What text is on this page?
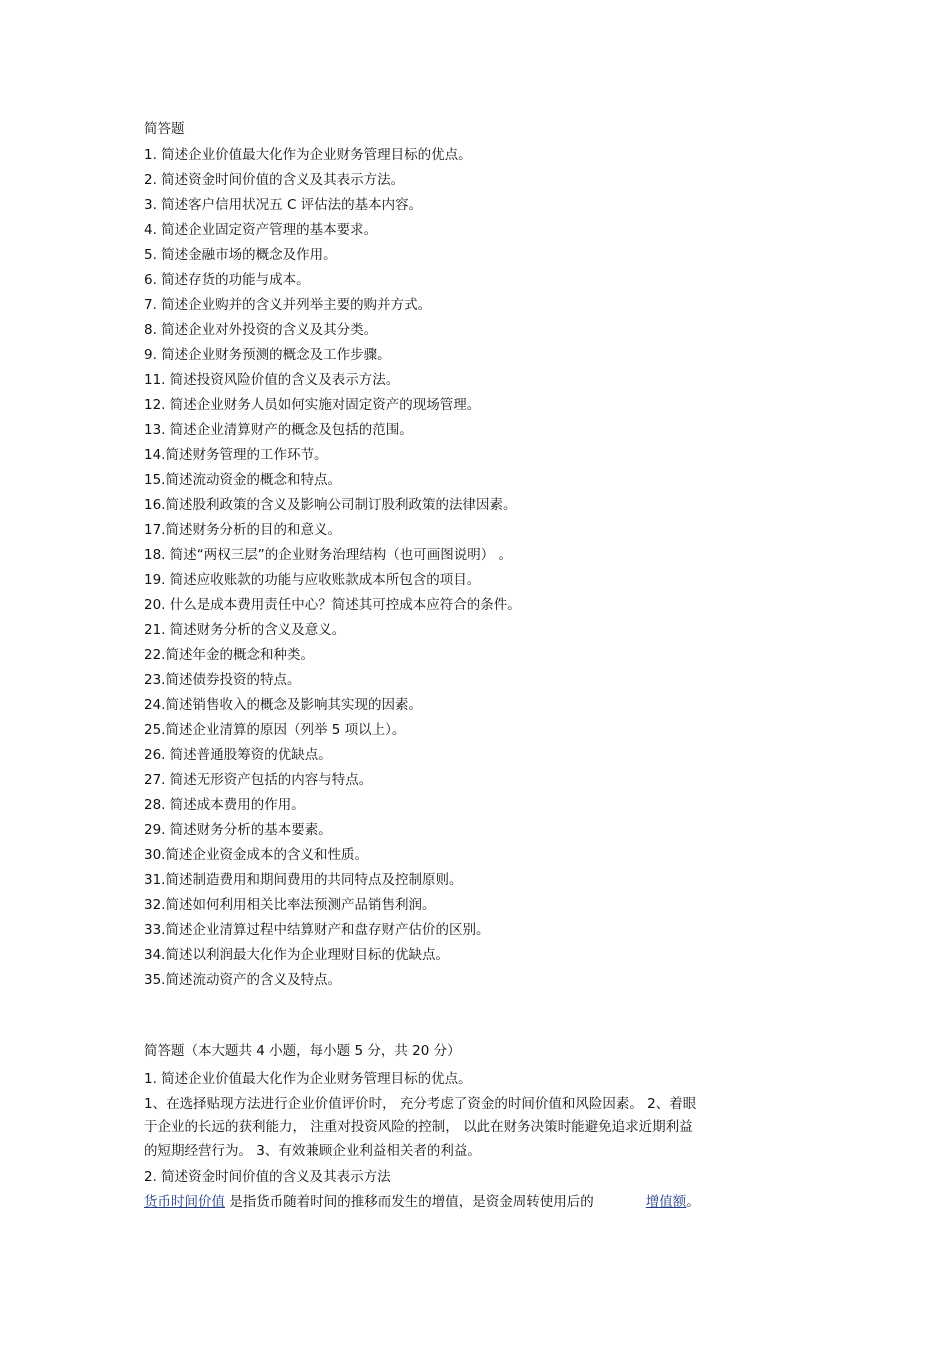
简答题
1. 简述企业价值最大化作为企业财务管理目标的优点。
2. 简述资金时间价值的含义及其表示方法。
3. 简述客户信用状况五 C 评估法的基本内容。
4. 简述企业固定资产管理的基本要求。
5. 简述金融市场的概念及作用。
6. 简述存货的功能与成本。
7. 简述企业购并的含义并列举主要的购并方式。
8. 简述企业对外投资的含义及其分类。
9. 简述企业财务预测的概念及工作步骤。
11. 简述投资风险价值的含义及表示方法。
12. 简述企业财务人员如何实施对固定资产的现场管理。
13. 简述企业清算财产的概念及包括的范围。
14.简述财务管理的工作环节。
15.简述流动资金的概念和特点。
16.简述股利政策的含义及影响公司制订股利政策的法律因素。
17.简述财务分析的目的和意义。
18. 简述“两权三层”的企业财务治理结构（也可画图说明） 。
19. 简述应收账款的功能与应收账款成本所包含的项目。
20. 什么是成本费用责任中心？简述其可控成本应符合的条件。
21. 简述财务分析的含义及意义。
22.简述年金的概念和种类。
23.简述债券投资的特点。
24.简述销售收入的概念及影响其实现的因素。
25.简述企业清算的原因（列举 5 项以上）。
26. 简述普通股筹资的优缺点。
27. 简述无形资产包括的内容与特点。
28. 简述成本费用的作用。
29. 简述财务分析的基本要素。
30.简述企业资金成本的含义和性质。
31.简述制造费用和期间费用的共同特点及控制原则。
32.简述如何利用相关比率法预测产品销售利润。
33.简述企业清算过程中结算财产和盘存财产估价的区别。
34.简述以利润最大化作为企业理财目标的优缺点。
35.简述流动资产的含义及特点。
简答题（本大题共 4 小题，每小题 5 分，共 20 分）
1. 简述企业价值最大化作为企业财务管理目标的优点。
1、在选择贴现方法进行企业价值评价时， 充分考虑了资金的时间价值和风险因素。 2、着眼
于企业的长远的获利能力， 注重对投资风险的控制， 以此在财务决策时能避免追求近期利益
的短期经营行为。 3、有效兼顾企业利益相关者的利益。
2. 简述资金时间价值的含义及其表示方法
货币时间价值 是指货币随着时间的推移而发生的增值，是资金周转使用后的	增值额。
